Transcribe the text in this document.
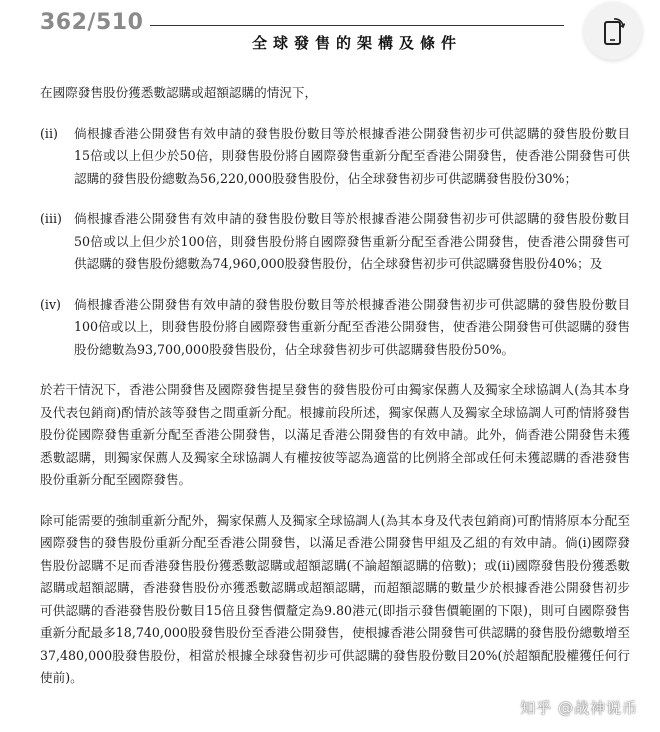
362/510
全球發售的架構及條件

在國際發售股份獲悉數認購或超額認購的情況下，

(ii)	倘根據香港公開發售有效申請的發售股份數目等於根據香港公開發售初步可供認購的發售股份數目15倍或以上但少於50倍，則發售股份將自國際發售重新分配至香港公開發售，使香港公開發售可供認購的發售股份總數為56,220,000股發售股份，佔全球發售初步可供認購發售股份30%；
(iii) 倘根據香港公開發售有效申請的發售股份數目等於根據香港公開發售初步可供認購的發售股份數目50倍或以上但少於100倍，則發售股份將自國際發售重新分配至香港公開發售，使香港公開發售可供認購的發售股份總數為74,960,000股發售股份，佔全球發售初步可供認購發售股份40%；及
(iv)	倘根據香港公開發售有效申請的發售股份數目等於根據香港公開發售初步可供認購的發售股份數目100倍或以上，則發售股份將自國際發售重新分配至香港公開發售，使香港公開發售可供認購的發售股份總數為93,700,000股發售股份，佔全球發售初步可供認購發售股份50%。

於若干情況下，香港公開發售及國際發售提呈發售的發售股份可由獨家保薦人及獨家全球協調人(為其本身及代表包銷商)酌情於該等發售之間重新分配。根據前段所述，獨家保薦人及獨家全球協調人可酌情將發售股份從國際發售重新分配至香港公開發售，以滿足香港公開發售的有效申請。此外，倘香港公開發售未獲悉數認購，則獨家保薦人及獨家全球協調人有權按彼等認為適當的比例將全部或任何未獲認購的香港發售股份重新分配至國際發售。

除可能需要的強制重新分配外，獨家保薦人及獨家全球協調人(為其本身及代表包銷商)可酌情將原本分配至國際發售的發售股份重新分配至香港公開發售，以滿足香港公開發售甲組及乙組的有效申請。倘(i)國際發售股份認購不足而香港發售股份獲悉數認購或超額認購(不論超額認購的倍數)；或(ii)國際發售股份獲悉數認購或超額認購，香港發售股份亦獲悉數認購或超額認購，而超額認購的數量少於根據香港公開發售初步可供認購的香港發售股份數目15倍且發售價釐定為9.80港元(即指示發售價範圍的下限)，則可自國際發售重新分配最多18,740,000股發售股份至香港公開發售，使根據香港公開發售可供認購的發售股份總數增至37,480,000股發售股份，相當於根據全球發售初步可供認購的發售股份數目20%(於超額配股權獲任何行使前)。

知乎 @战神说币
